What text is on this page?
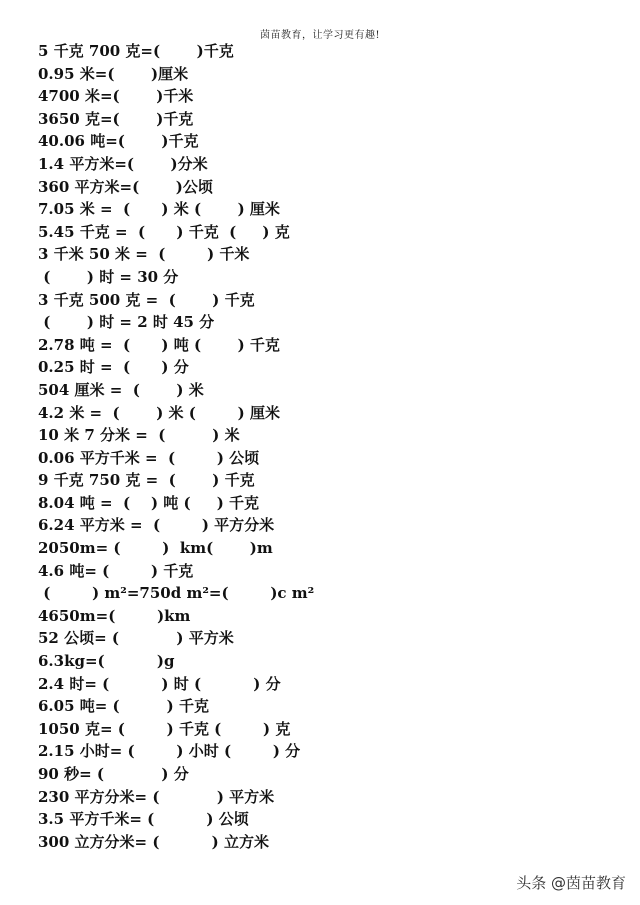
茵苗教育，让学习更有趣!
5 千克 700 克=(       )千克
0.95 米=(       )厘米
4700 米=(       )千米
3650 克=(       )千克
40.06 吨=(       )千克
1.4 平方米=(       )分米
360 平方米=(       )公顷
7.05 米 =  (      ) 米 (       ) 厘米
5.45 千克 =  (      ) 千克  (     ) 克
3 千米 50 米 =  (        ) 千米
(       ) 时 = 30 分
3 千克 500 克 =  (       ) 千克
(       ) 时 = 2 时 45 分
2.78 吨 =  (      ) 吨 (       ) 千克
0.25 时 =  (      ) 分
504 厘米 =  (       ) 米
4.2 米 =  (       ) 米 (        ) 厘米
10 米 7 分米 =  (         ) 米
0.06 平方千米 =  (        ) 公顷
9 千克 750 克 =  (       ) 千克
8.04 吨 =  (    ) 吨 (     ) 千克
6.24 平方米 =  (        ) 平方分米
2050m= (        )  km(       )m
4.6 吨= (        ) 千克
(        ) m²=750d m²=(        )c m²
4650m=(        )km
52 公顷= (           ) 平方米
6.3kg=(          )g
2.4 时= (          ) 时 (          ) 分
6.05 吨= (         ) 千克
1050 克= (        ) 千克 (        ) 克
2.15 小时= (        ) 小时 (        ) 分
90 秒= (           ) 分
230 平方分米= (           ) 平方米
3.5 平方千米= (          ) 公顷
300 立方分米= (          ) 立方米
头条 @茵苗教育
